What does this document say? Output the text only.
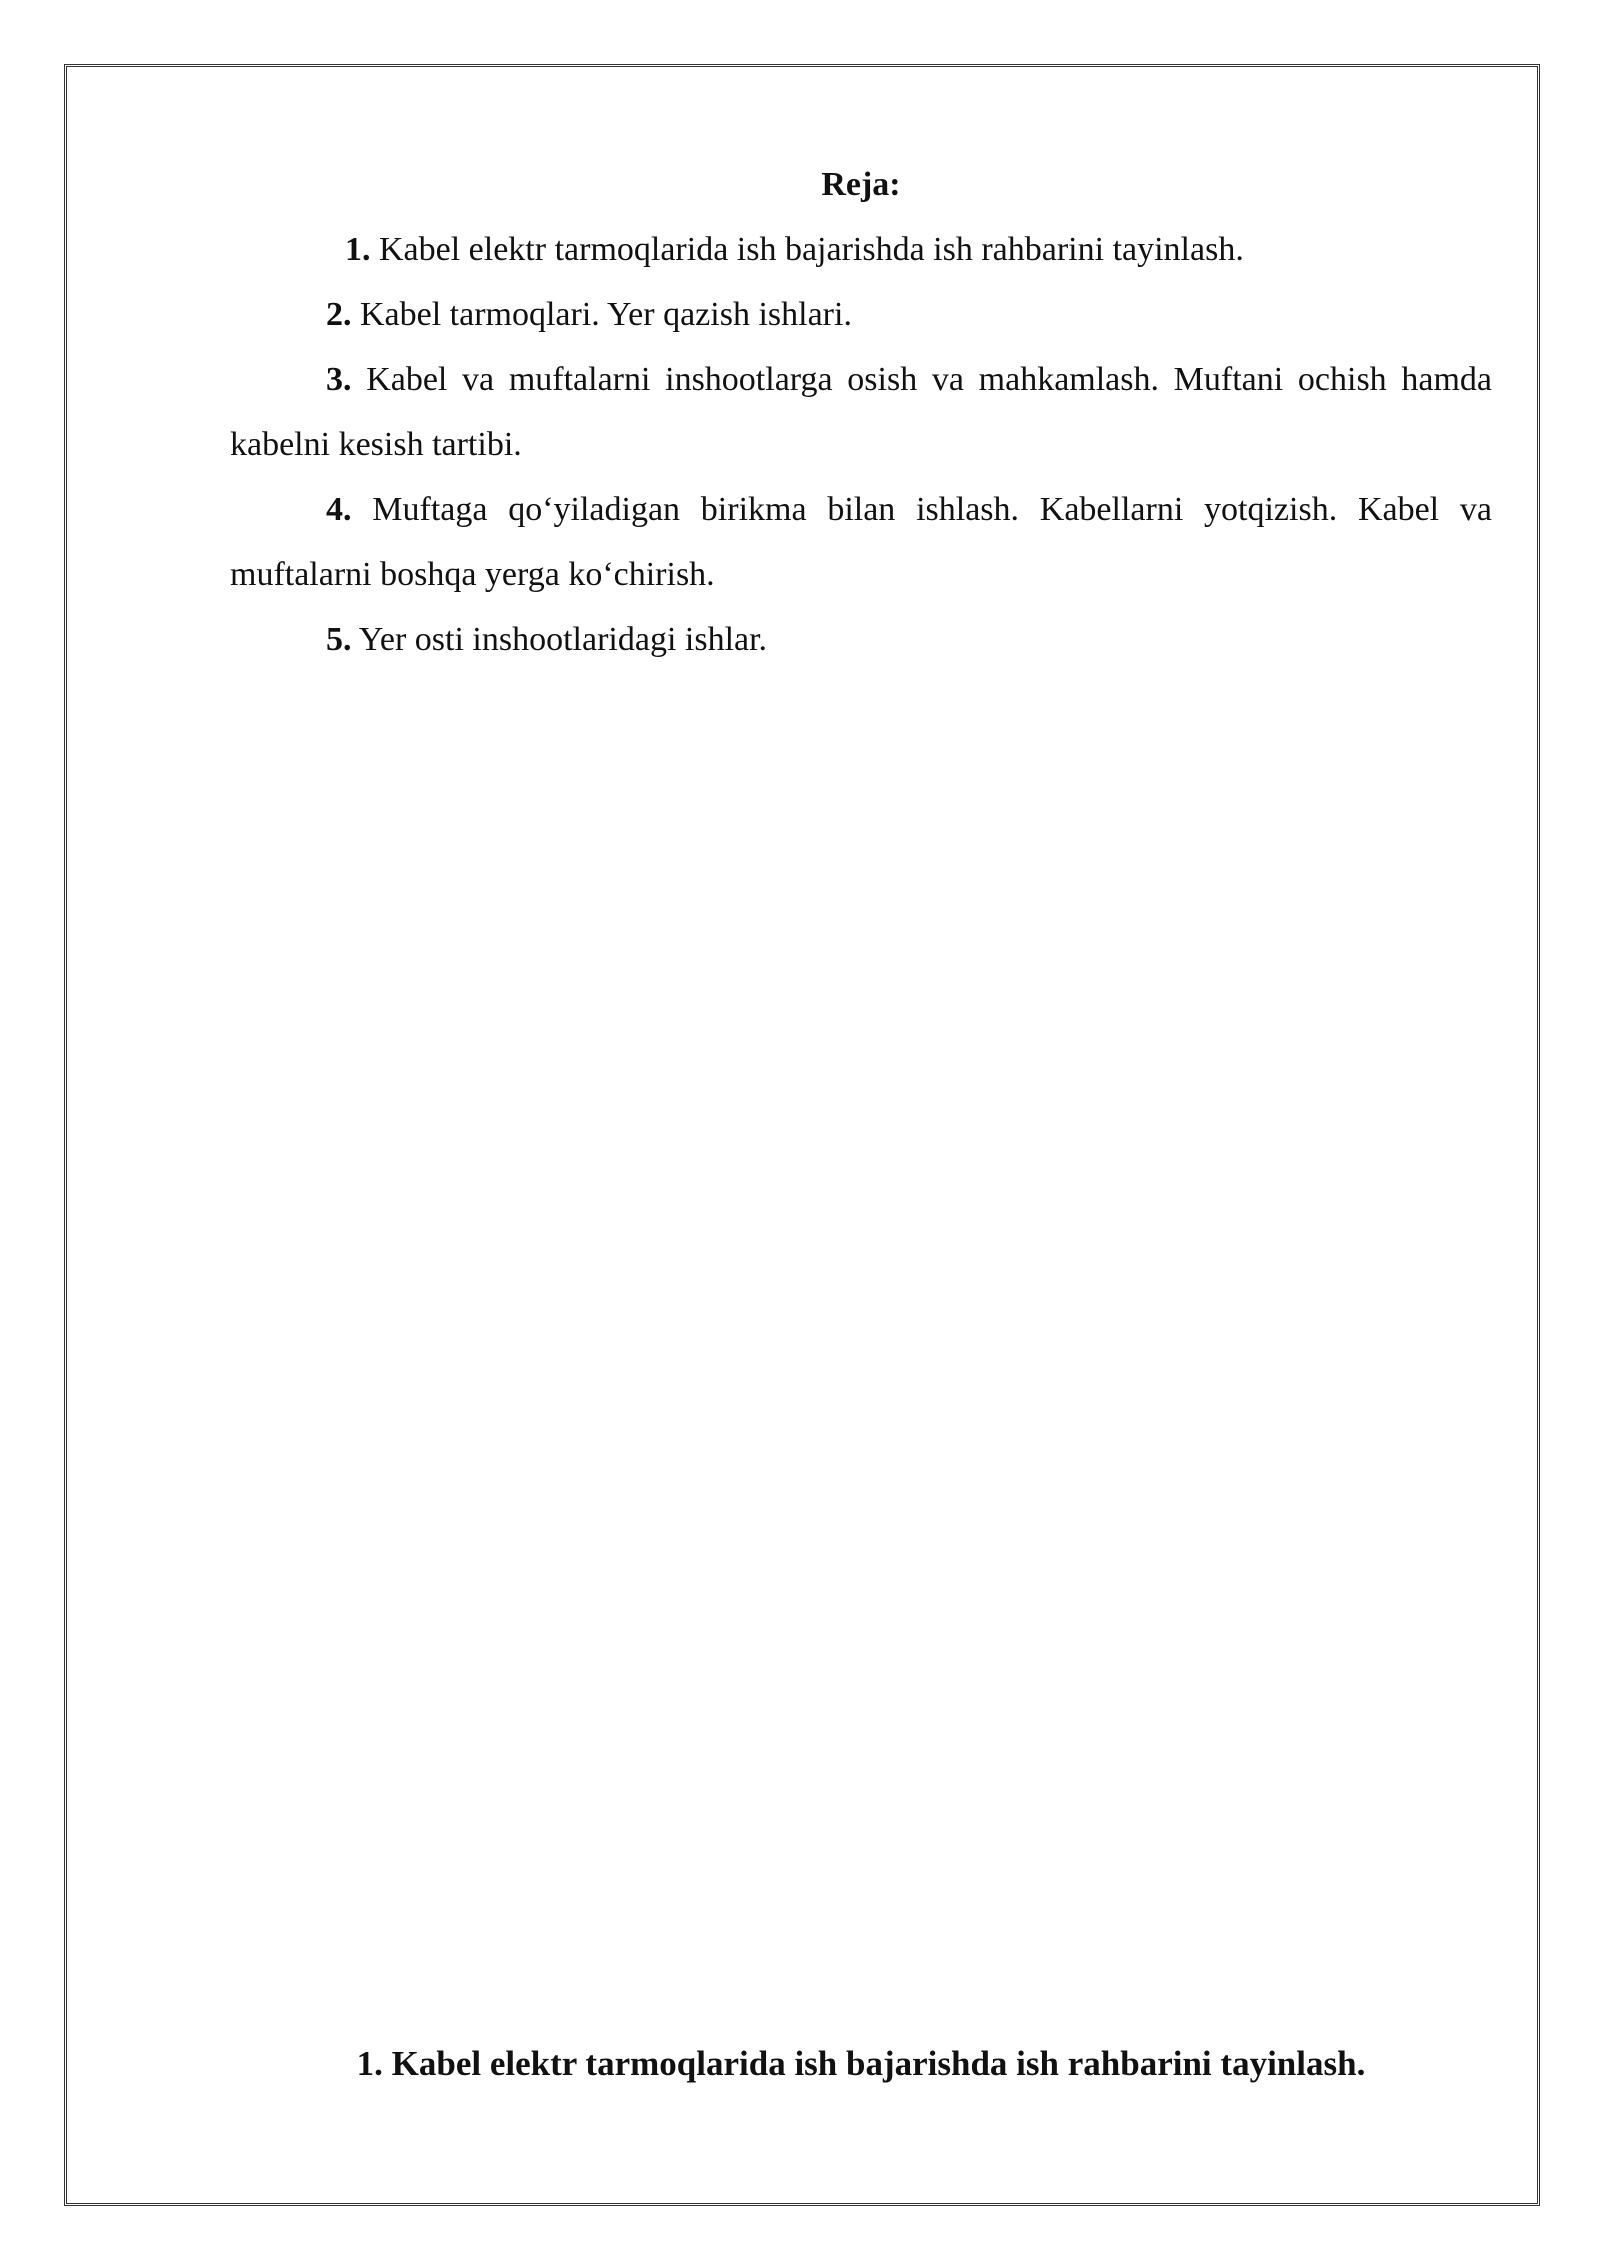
Reja:

1. Kabel elektr tarmoqlarida ish bajarishda ish rahbarini tayinlash.

2. Kabel tarmoqlari. Yer qazish ishlari.

3. Kabel va muftalarni inshootlarga osish va mahkamlash. Muftani ochish hamda kabelni kesish tartibi.

4. Muftaga qo‘yiladigan birikma bilan ishlash. Kabellarni yotqizish. Kabel va muftalarni boshqa yerga ko‘chirish.

5. Yer osti inshootlaridagi ishlar.

1. Kabel elektr tarmoqlarida ish bajarishda ish rahbarini tayinlash.
